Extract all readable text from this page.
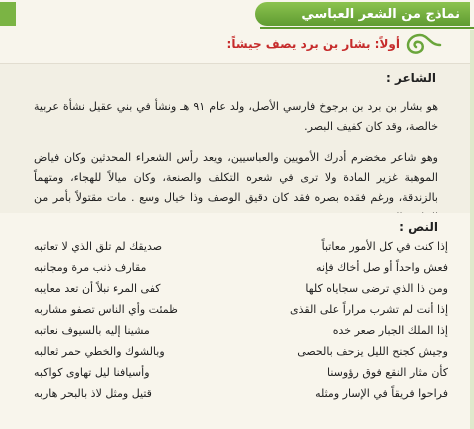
نماذج من الشعر العباسي
أولاً: بشار بن برد يصف جيشاً:
الشاعر :
هو بشار بن برد بن برجوخ فارسي الأصل، ولد عام ٩١ هـ ونشأ في بني عقيل نشأة عربية خالصة، وقد كان كفيف البصر.
وهو شاعر مخضرم أدرك الأمويين والعباسيين، ويعد رأس الشعراء المحدثين وكان فياض الموهبة غزير المادة ولا ترى في شعره التكلف والصنعة، وكان ميالاً للهجاء، ومتهماً بالزندقة، ورغم فقده بصره فقد كان دقيق الوصف وذا خيال وسع . مات مقتولاً بأمر من
النص :
إذا كنت في كل الأمور معاتباً
صديقك لم تلق الذي لا تعاتبه
فعش واحداً أو صل أخاك فإنه
مقارف ذنب مرة ومجانبه
ومن ذا الذي ترضى سجاياه كلها
كفى المرء نبلاً أن تعد معايبه
إذا أنت لم تشرب مراراً على القذى
ظمئت وأي الناس تصفو مشاربه
إذا الملك الجبار صعر خده
مشينا إليه بالسيوف نعاتبه
وجيش كجنح الليل يزحف بالحصى
وبالشوك والخطي حمر ثعالبه
كأن مثار النقع فوق رؤوسنا
وأسيافنا ليل تهاوى كواكبه
فراحوا فريقاً في الإسار ومثله
قتيل ومثل لاذ بالبحر هاربه
